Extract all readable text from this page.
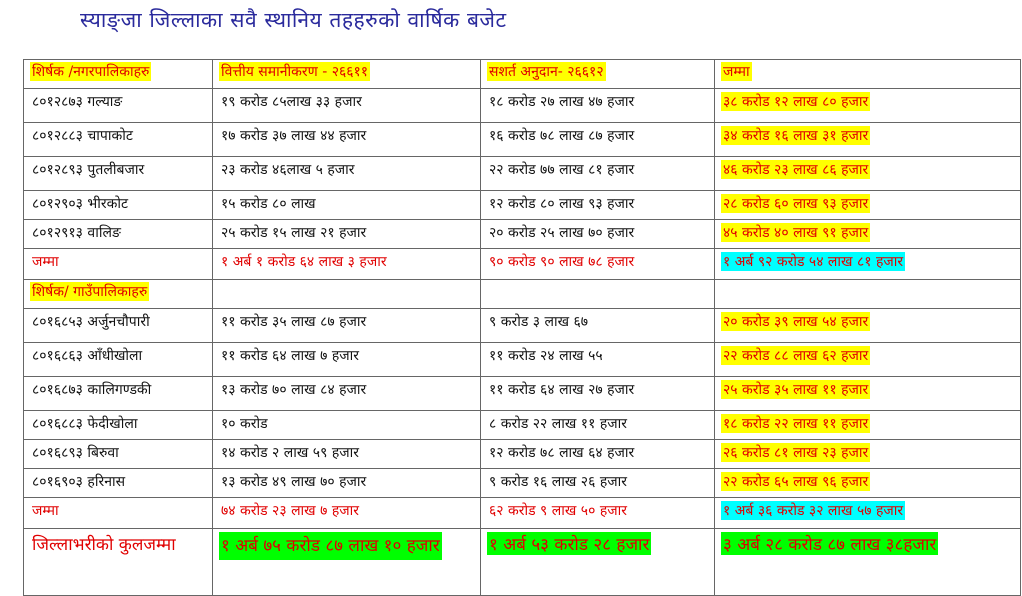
स्याङ्जा जिल्लाका सवै स्थानिय तहहरुको वार्षिक बजेट
शिर्षक /नगरपालिकाहरु	वित्तीय समानीकरण - २६६११	सशर्त अनुदान- २६६१२	जम्मा
८०१२८७३ गल्याङ	१९ करोड ८५लाख ३३ हजार	१८ करोड २७ लाख ४७ हजार	३८ करोड १२ लाख ८० हजार
८०१२८८३ चापाकोट	१७ करोड ३७ लाख ४४ हजार	१६ करोड ७८ लाख ८७ हजार	३४ करोड १६ लाख ३१ हजार
८०१२८९३ पुतलीबजार	२३ करोड ४६लाख ५ हजार	२२ करोड ७७ लाख ८१ हजार	४६ करोड २३ लाख ८६ हजार
८०१२९०३ भीरकोट	१५ करोड ८० लाख	१२ करोड ८० लाख ९३ हजार	२८ करोड ६० लाख ९३ हजार
८०१२९१३ वालिङ	२५ करोड १५ लाख २१ हजार	२० करोड २५ लाख ७० हजार	४५ करोड ४० लाख ९१ हजार
जम्मा	१ अर्ब १ करोड ६४ लाख ३ हजार	९० करोड ९० लाख ७८ हजार	१ अर्ब ९२ करोड ५४ लाख ८१ हजार
शिर्षक/ गाउँपालिकाहरु			
८०१६८५३ अर्जुनचौपारी	११ करोड ३५ लाख ८७ हजार	९ करोड ३ लाख ६७	२० करोड ३९ लाख ५४ हजार
८०१६८६३ आँधीखोला	११ करोड ६४ लाख ७ हजार	११ करोड २४ लाख ५५	२२ करोड ८८ लाख ६२ हजार
८०१६८७३ कालिगण्डकी	१३ करोड ७० लाख ८४ हजार	११ करोड ६४ लाख २७ हजार	२५ करोड ३५ लाख ११ हजार
८०१६८८३ फेदीखोला	१० करोड	८ करोड २२ लाख ११ हजार	१८ करोड २२ लाख ११ हजार
८०१६८९३ बिरुवा	१४ करोड २ लाख ५९ हजार	१२ करोड ७८ लाख ६४ हजार	२६ करोड ८१ लाख २३ हजार
८०१६९०३ हरिनास	१३ करोड ४९ लाख ७० हजार	९ करोड १६ लाख २६ हजार	२२ करोड ६५ लाख ९६ हजार
जम्मा	७४ करोड २३ लाख ७ हजार	६२ करोड ९ लाख ५० हजार	१ अर्ब ३६ करोड ३२ लाख ५७ हजार
जिल्लाभरीको कुलजम्मा	१ अर्ब ७५ करोड ८७ लाख १० हजार	१ अर्ब ५३ करोड २८ हजार	३ अर्ब २८ करोड ८७ लाख ३८हजार
